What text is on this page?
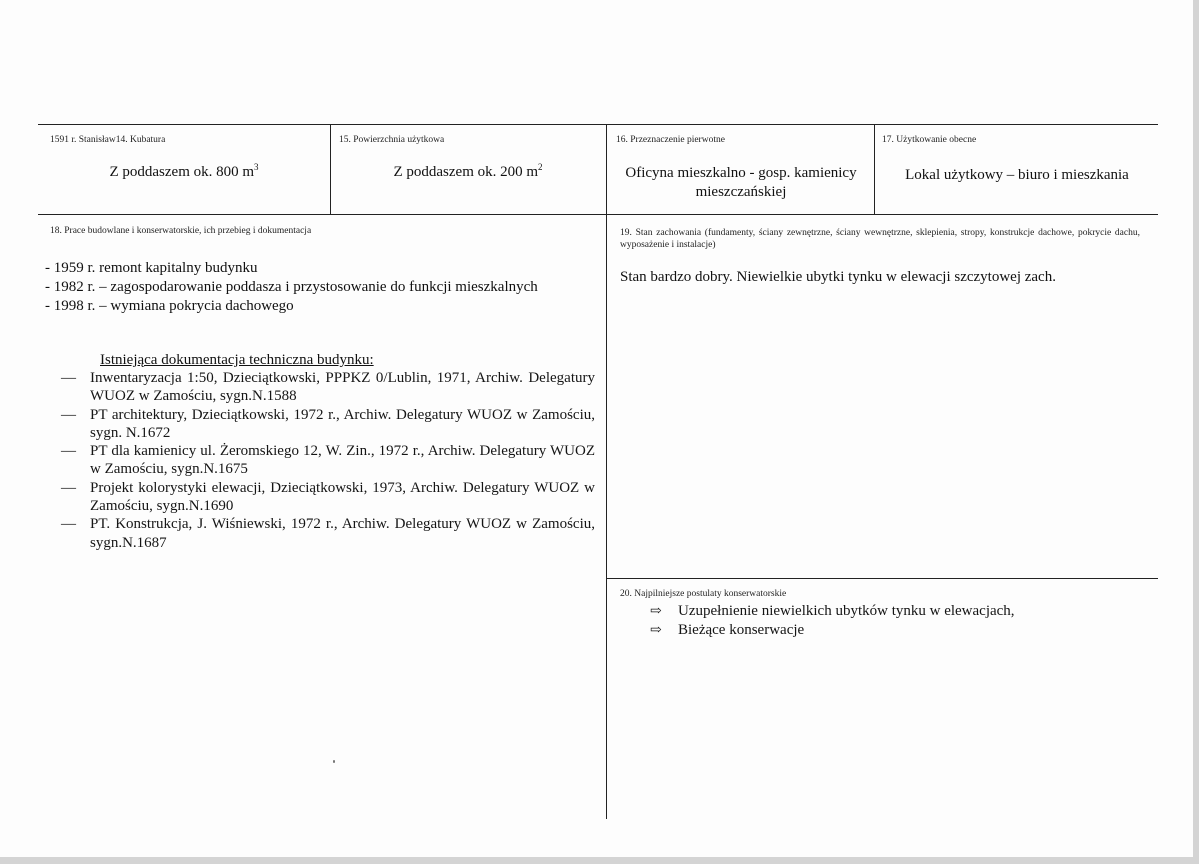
1591 r. Stanisław14. Kubatura
Z poddaszem ok. 800 $m^3$
15. Powierzchnia użytkowa
Z poddaszem ok. 200 $m^2$
16. Przeznaczenie pierwotne
Oficyna mieszkalno - gosp. kamienicy mieszczańskiej
17. Użytkowanie obecne
Lokal użytkowy – biuro i mieszkania
18. Prace budowlane i konserwatorskie, ich przebieg i dokumentacja
- 1959 r. remont kapitalny budynku
- 1982 r. – zagospodarowanie poddasza i przystosowanie do funkcji mieszkalnych
- 1998 r. – wymiana pokrycia dachowego
Istniejąca dokumentacja techniczna budynku:
— Inwentaryzacja 1:50, Dzieciątkowski, PPPKZ 0/Lublin, 1971, Archiw. Delegatury WUOZ w Zamościu, sygn.N.1588
— PT architektury, Dzieciątkowski, 1972 r., Archiw. Delegatury WUOZ w Zamościu, sygn. N.1672
— PT dla kamienicy ul. Żeromskiego 12, W. Zin., 1972 r., Archiw. Delegatury WUOZ w Zamościu, sygn.N.1675
— Projekt kolorystyki elewacji, Dzieciątkowski, 1973, Archiw. Delegatury WUOZ w Zamościu, sygn.N.1690
— PT. Konstrukcja, J. Wiśniewski, 1972 r., Archiw. Delegatury WUOZ w Zamościu, sygn.N.1687
19. Stan zachowania (fundamenty, ściany zewnętrzne, ściany wewnętrzne, sklepienia, stropy, konstrukcje dachowe, pokrycie dachu, wyposażenie i instalacje)
Stan bardzo dobry. Niewielkie ubytki tynku w elewacji szczytowej zach.
20. Najpilniejsze postulaty konserwatorskie
⇨	Uzupełnienie niewielkich ubytków tynku w elewacjach,
⇨	Bieżące konserwacje
